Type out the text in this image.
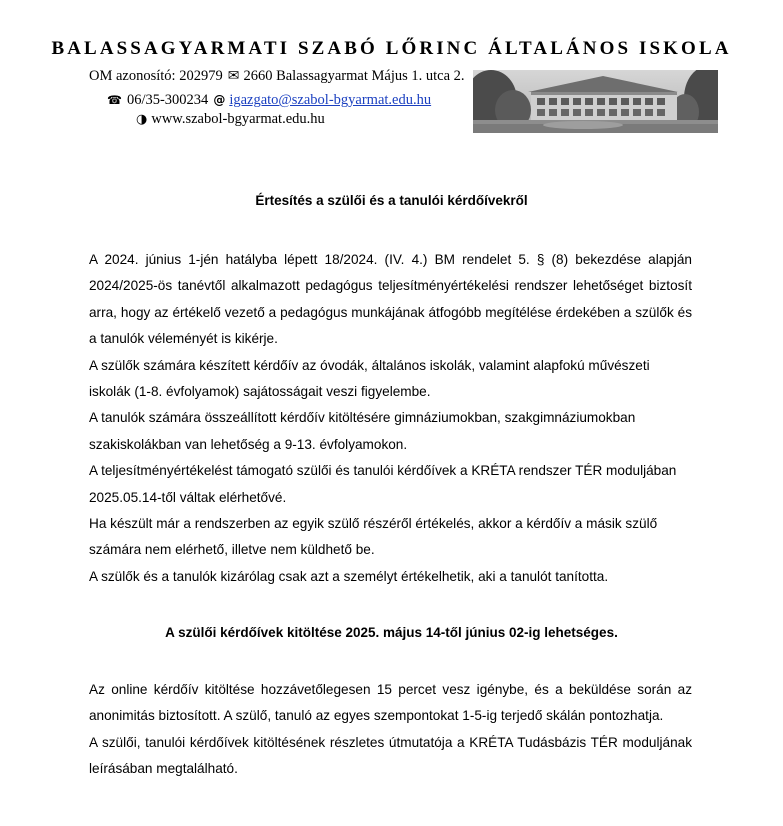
BALASSAGYARMATI SZABÓ LŐRINC ÁLTALÁNOS ISKOLA
OM azonosító: 202979 ✉ 2660 Balassagyarmat Május 1. utca 2.
☎ 06/35-300234 @ igazgato@szabol-bgyarmat.edu.hu
◑ www.szabol-bgyarmat.edu.hu
Értesítés a szülői és a tanulói kérdőívekről

A 2024. június 1-jén hatályba lépett 18/2024. (IV. 4.) BM rendelet 5. § (8) bekezdése alapján 2024/2025-ös tanévtől alkalmazott pedagógus teljesítményértékelési rendszer lehetőséget biztosít arra, hogy az értékelő vezető a pedagógus munkájának átfogóbb megítélése érdekében a szülők és a tanulók véleményét is kikérje.

A szülők számára készített kérdőív az óvodák, általános iskolák, valamint alapfokú művészeti iskolák (1-8. évfolyamok) sajátosságait veszi figyelembe.

A tanulók számára összeállított kérdőív kitöltésére gimnáziumokban, szakgimnáziumokban szakiskolákban van lehetőség a 9-13. évfolyamokon.

A teljesítményértékelést támogató szülői és tanulói kérdőívek a KRÉTA rendszer TÉR moduljában 2025.05.14-től váltak elérhetővé.

Ha készült már a rendszerben az egyik szülő részéről értékelés, akkor a kérdőív a másik szülő számára nem elérhető, illetve nem küldhető be.

A szülők és a tanulók kizárólag csak azt a személyt értékelhetik, aki a tanulót tanította.

A szülői kérdőívek kitöltése 2025. május 14-től június 02-ig lehetséges.

Az online kérdőív kitöltése hozzávetőlegesen 15 percet vesz igénybe, és a beküldése során az anonimitás biztosított. A szülő, tanuló az egyes szempontokat 1-5-ig terjedő skálán pontozhatja.

A szülői, tanulói kérdőívek kitöltésének részletes útmutatója a KRÉTA Tudásbázis TÉR moduljának leírásában megtalálható.
